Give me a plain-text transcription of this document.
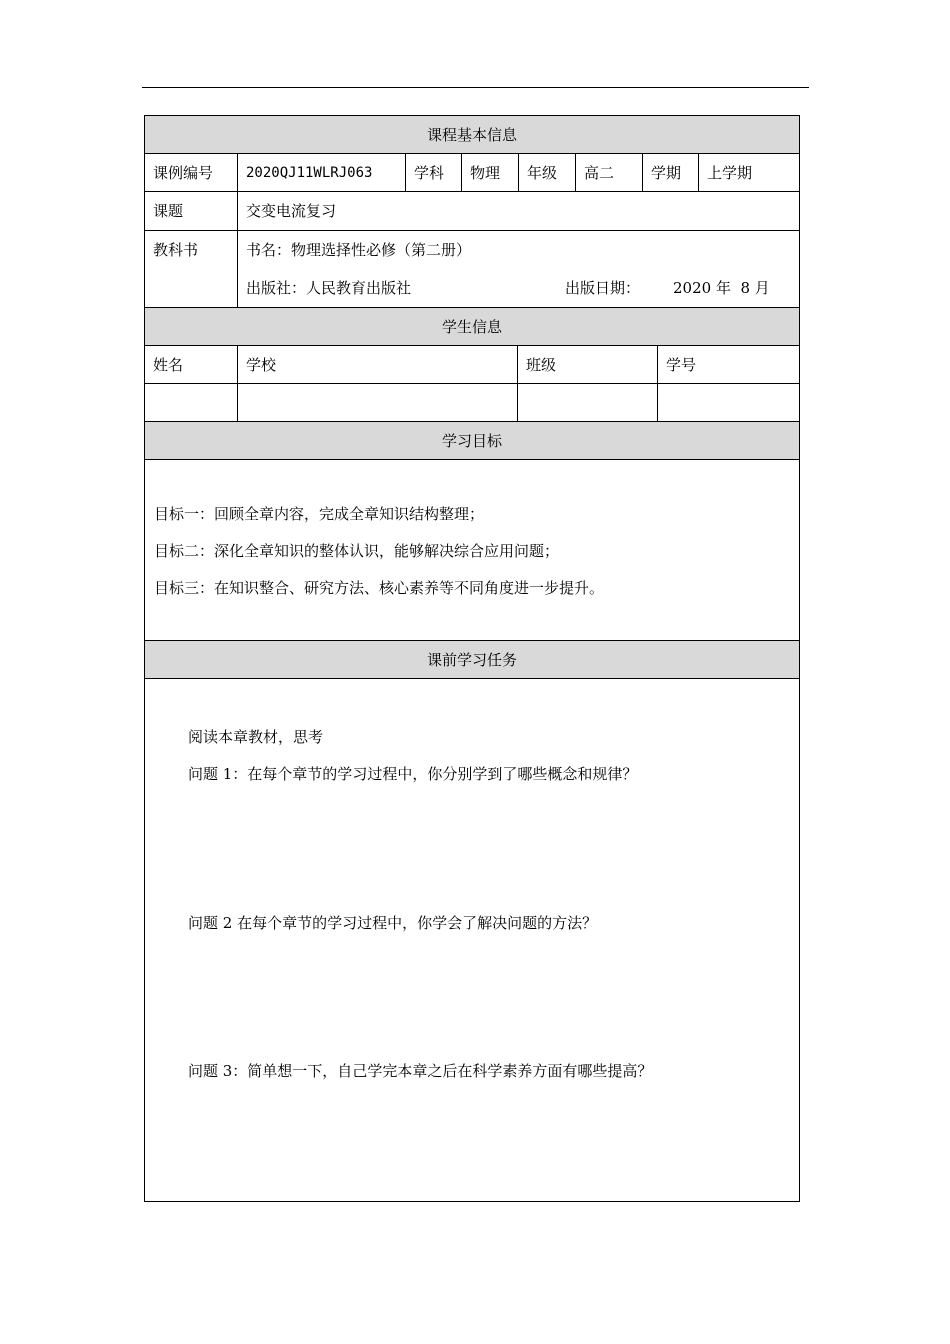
课程基本信息
课例编号	2020QJ11WLRJ063	学科	物理	年级	高二	学期	上学期
课题	交变电流复习
教科书	书名：物理选择性必修（第二册）
出版社：人民教育出版社	出版日期： 2020 年  8 月
学生信息
姓名	学校	班级	学号
学习目标
目标一：回顾全章内容，完成全章知识结构整理；
目标二：深化全章知识的整体认识，能够解决综合应用问题；
目标三：在知识整合、研究方法、核心素养等不同角度进一步提升。
课前学习任务
阅读本章教材，思考
问题 1：在每个章节的学习过程中，你分别学到了哪些概念和规律？
问题 2 在每个章节的学习过程中，你学会了解决问题的方法？
问题 3：简单想一下，自己学完本章之后在科学素养方面有哪些提高？
